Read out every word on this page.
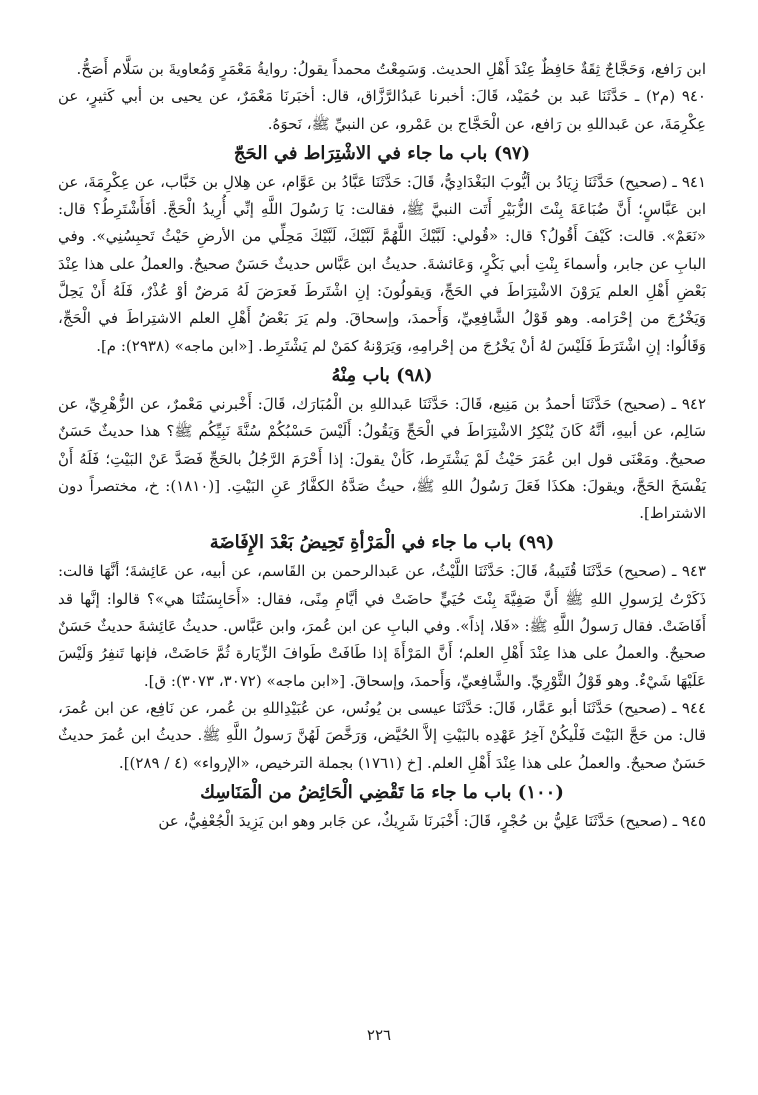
ابن رَافع، وَحَجَّاجٌ ثِقَةٌ حَافِظٌ عِنْدَ أَهْلِ الحديث. وَسَمِعْتُ محمداً يقولُ: روايةُ مَعْمَرٍ وَمُعاويةَ بن سَلَّام أَصَحُّ.

٩٤٠ (م٢) ـ حَدَّثَنَا عَبد بن حُمَيْد، قَالَ: أخبرنا عَبدُالرَّزَّاق، قال: أخبَرنَا مَعْمَرٌ، عن يحيى بن أبي كَثيرٍ، عن عِكْرِمَةَ، عن عَبداللهِ بن رَافع، عن الْحَجَّاج بن عَمْرو، عن النبيِّ ﷺ، نَحوَهُ.

(٩٧) باب ما جاء في الاشْتِرَاط في الحَجّ

٩٤١ ـ (صحيح) حَدَّثَنَا زِيَادُ بن أيُّوبَ البَغْدَادِيُّ، قَالَ: حَدَّثَنَا عَبَّادُ بن عَوَّام، عن هِلالِ بن خَبَّاب، عن عِكْرِمَةَ، عن ابن عَبَّاسٍ؛ أَنَّ ضُبَاعَةَ بِنْتَ الزُّبَيْرِ أَتَت النبيَّ ﷺ، فقالت: يَا رَسُولَ اللَّهِ إنِّي أُرِيدُ الْحَجَّ. أفَأَشْتَرِطُ؟ قال: «نَعَمْ». قالت: كَيْفَ أَقُولُ؟ قال: «قُولي: لَبَّيْكَ اللَّهُمَّ لَبَّيْكَ، لَبَّيْكَ مَحِلِّي من الأرضِ حَيْثُ تَحبِسُنِي». وفي البابِ عن جابر، وأسماءَ بِنْتِ أبي بَكْرٍ، وَعَائشةَ. حديثُ ابن عَبَّاس حديثٌ حَسَنٌ صحيحٌ. والعملُ على هذا عِنْدَ بَعْضِ أَهْلِ العلم يَرَوْنَ الاشْتِرَاطَ في الحَجِّ، وَيقولُونَ: إنِ اشْتَرطَ فَعرَضَ لَهُ مَرضٌ أوْ عُذْرٌ، فَلَهُ أَنْ يَحِلَّ وَيَخْرُجَ من إحْرَامه. وهو قَوْلُ الشَّافِعِيِّ، وَأَحمدَ، وإسحاقَ. ولم يَرَ بَعْضُ أَهْلِ العلم الاشتِراطَ في الْحَجِّ، وَقَالُوا: إنِ اشْتَرَطَ فَلَيْسَ لهُ أنْ يَخْرُجَ من إحْرامِهِ، وَيَرَوْنهُ كمَنْ لم يَشْتَرِط. [«ابن ماجه» (٢٩٣٨): م].

(٩٨) باب مِنْهُ

٩٤٢ ـ (صحيح) حَدَّثَنَا أحمدُ بن مَنِيع، قَالَ: حَدَّثَنَا عَبداللهِ بن الْمُبَارَك، قَالَ: أَخْبرني مَعْمرٌ، عن الزُّهْرِيِّ، عن سَالِم، عن أبيهِ، أنَّهُ كَانَ يُنْكِرُ الاشْتِرَاطَ في الْحَجِّ وَيَقُولُ: أَلَيْسَ حَسْبُكُمْ سُنَّةَ نَبِيِّكُم ﷺ؟ هذا حديثٌ حَسَنٌ صحيحٌ. ومَعْنَى قول ابن عُمَرَ حَيْثُ لَمْ يَشْتَرِط، كَأنْ يقولَ: إذا أَحْرَمَ الرَّجُلُ بالحَجِّ فَصَدَّ عَنْ البَيْتِ؛ فَلَهُ أَنْ يَفْسَخَ الحَجَّ، ويقولَ: هكذَا فَعَلَ رَسُولُ اللهِ ﷺ، حيثُ صَدَّهُ الكفَّارُ عَنِ البَيْتِ. [(١٨١٠): خ، مختصراً دون الاشتراط].

(٩٩) باب ما جاء في الْمَرْأةِ تَحِيضُ بَعْدَ الإِفَاضَة

٩٤٣ ـ (صحيح) حَدَّثَنَا قُتَيبةُ، قَالَ: حَدَّثَنَا اللَّيْثُ، عن عَبدالرحمن بن القَاسم، عن أبيه، عن عَائِشةَ؛ أنَّهَا قالت: ذَكَرْتُ لِرَسولِ اللهِ ﷺ أَنَّ صَفِيَّةَ بِنْتَ حُيَيٍّ حاضَتْ في أيَّامِ مِنًى، فقال: «أَحَابِسَتُنَا هي»؟ قالوا: إنَّها قد أَفَاضَتْ. فقال رَسولُ اللَّهِ ﷺ: «فَلا، إذاً». وفي البابِ عن ابن عُمرَ، وابن عَبَّاس. حديثُ عَائِشةَ حديثٌ حَسَنٌ صحيحٌ. والعملُ على هذا عِنْدَ أَهْلِ العلم؛ أَنَّ المَرْأَةَ إذا طَافَتْ طَوافَ الزِّيَارة ثُمَّ حَاضَتْ، فإنها تَنفِرُ وَلَيْسَ عَلَيْهَا شَيْءٌ. وهو قَوْلُ الثَّوْرِيِّ. والشَّافِعيِّ، وَأَحمدَ، وإسحاقَ. [«ابن ماجه» (٣٠٧٢، ٣٠٧٣): ق].

٩٤٤ ـ (صحيح) حَدَّثَنَا أبو عَمَّار، قَالَ: حَدَّثَنَا عيسى بن يُونُس، عن عُبَيْدِاللهِ بن عُمر، عن نَافِع، عن ابن عُمرَ، قال: من حَجَّ البَيْتَ فَلْيكُنْ آخِرُ عَهْدِه بالبَيْتِ إلاَّ الحُيَّض، وَرَخَّصَ لَهُنَّ رَسولُ اللَّهِ ﷺ. حديثُ ابن عُمرَ حديثٌ حَسَنٌ صحيحٌ. والعملُ على هذا عِنْدَ أَهْلِ العلم. [خ (١٧٦١) بجملة الترخيص، «الإرواء» (٤ / ٢٨٩)].

(١٠٠) باب ما جاء مَا تَقْضِي الْحَائِضُ من الْمَنَاسِك

٩٤٥ ـ (صحيح) حَدَّثَنَا عَلِيُّ بن حُجْرٍ، قَالَ: أَخْبَرنَا شَرِيكٌ، عن جَابر وهو ابن يَزِيدَ الْجُعْفِيُّ، عن

٢٢٦
